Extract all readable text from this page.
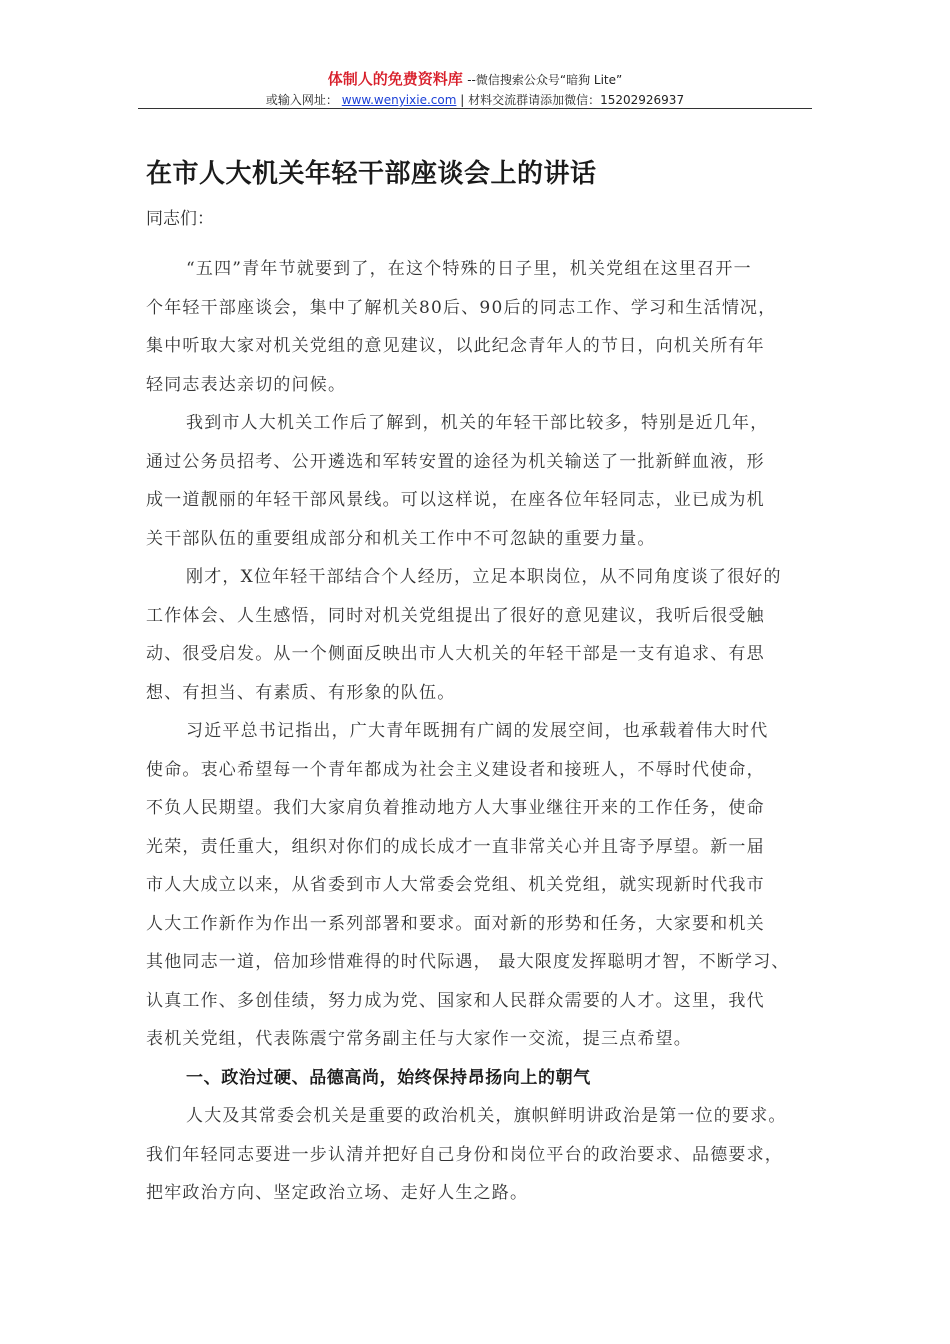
体制人的免费资料库 --微信搜索公众号“暗狗 Lite”
或输入网址： www.wenyixie.com | 材料交流群请添加微信：15202926937
在市人大机关年轻干部座谈会上的讲话
同志们：
“五四”青年节就要到了，在这个特殊的日子里，机关党组在这里召开一
个年轻干部座谈会，集中了解机关80后、90后的同志工作、学习和生活情况，
集中听取大家对机关党组的意见建议，以此纪念青年人的节日，向机关所有年
轻同志表达亲切的问候。
我到市人大机关工作后了解到，机关的年轻干部比较多，特别是近几年，
通过公务员招考、公开遴选和军转安置的途径为机关输送了一批新鲜血液，形
成一道靓丽的年轻干部风景线。可以这样说，在座各位年轻同志，业已成为机
关干部队伍的重要组成部分和机关工作中不可忽缺的重要力量。
刚才，X位年轻干部结合个人经历，立足本职岗位，从不同角度谈了很好的
工作体会、人生感悟，同时对机关党组提出了很好的意见建议，我听后很受触
动、很受启发。从一个侧面反映出市人大机关的年轻干部是一支有追求、有思
想、有担当、有素质、有形象的队伍。
习近平总书记指出，广大青年既拥有广阔的发展空间，也承载着伟大时代
使命。衷心希望每一个青年都成为社会主义建设者和接班人，不辱时代使命，
不负人民期望。我们大家肩负着推动地方人大事业继往开来的工作任务，使命
光荣，责任重大，组织对你们的成长成才一直非常关心并且寄予厚望。新一届
市人大成立以来，从省委到市人大常委会党组、机关党组，就实现新时代我市
人大工作新作为作出一系列部署和要求。面对新的形势和任务，大家要和机关
其他同志一道，倍加珍惜难得的时代际遇， 最大限度发挥聪明才智，不断学习、
认真工作、多创佳绩，努力成为党、国家和人民群众需要的人才。这里，我代
表机关党组，代表陈震宁常务副主任与大家作一交流，提三点希望。
一、政治过硬、品德高尚，始终保持昂扬向上的朝气
人大及其常委会机关是重要的政治机关，旗帜鲜明讲政治是第一位的要求。
我们年轻同志要进一步认清并把好自己身份和岗位平台的政治要求、品德要求，
把牢政治方向、坚定政治立场、走好人生之路。
